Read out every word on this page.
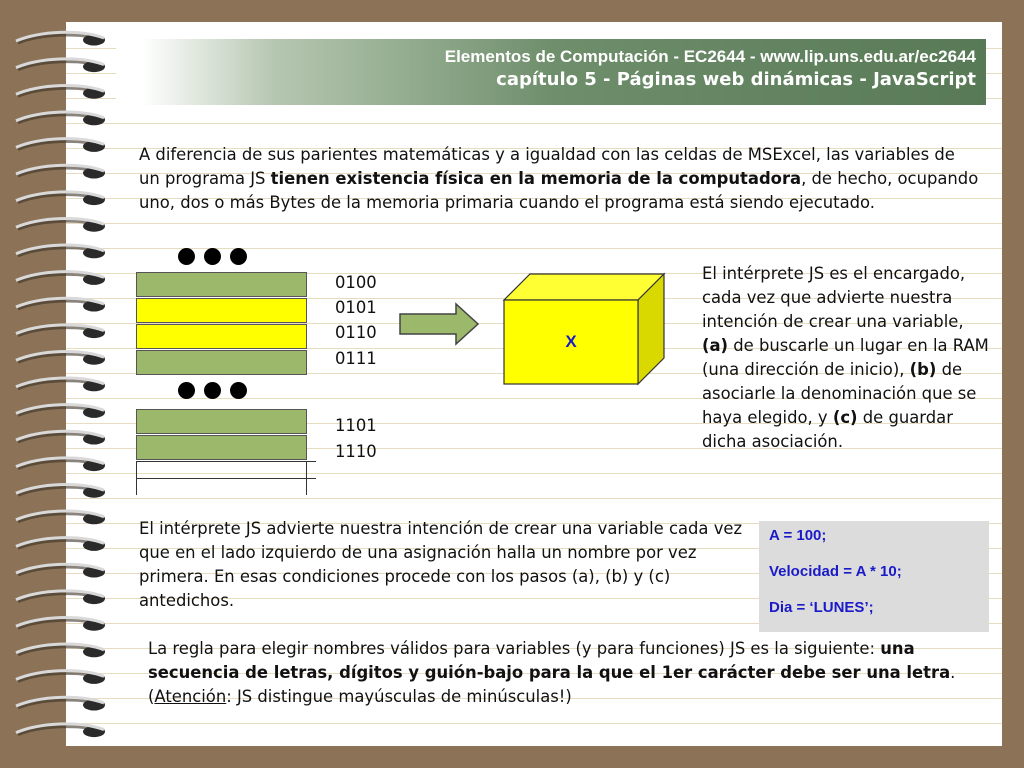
Elementos de Computación - EC2644 - www.lip.uns.edu.ar/ec2644
capítulo 5 - Páginas web dinámicas - JavaScript

A diferencia de sus parientes matemáticas y a igualdad con las celdas de MSExcel, las variables de un programa JS tienen existencia física en la memoria de la computadora, de hecho, ocupando uno, dos o más Bytes de la memoria primaria cuando el programa está siendo ejecutado.

0100
0101
0110
0111
1101
1110
X

El intérprete JS es el encargado, cada vez que advierte nuestra intención de crear una variable, (a) de buscarle un lugar en la RAM (una dirección de inicio), (b) de asociarle la denominación que se haya elegido, y (c) de guardar dicha asociación.

El intérprete JS advierte nuestra intención de crear una variable cada vez que en el lado izquierdo de una asignación halla un nombre por vez primera. En esas condiciones procede con los pasos (a), (b) y (c) antedichos.

A = 100;
Velocidad = A * 10;
Dia = ‘LUNES’;

La regla para elegir nombres válidos para variables (y para funciones) JS es la siguiente: una secuencia de letras, dígitos y guión-bajo para la que el 1er carácter debe ser una letra. (Atención: JS distingue mayúsculas de minúsculas!)
